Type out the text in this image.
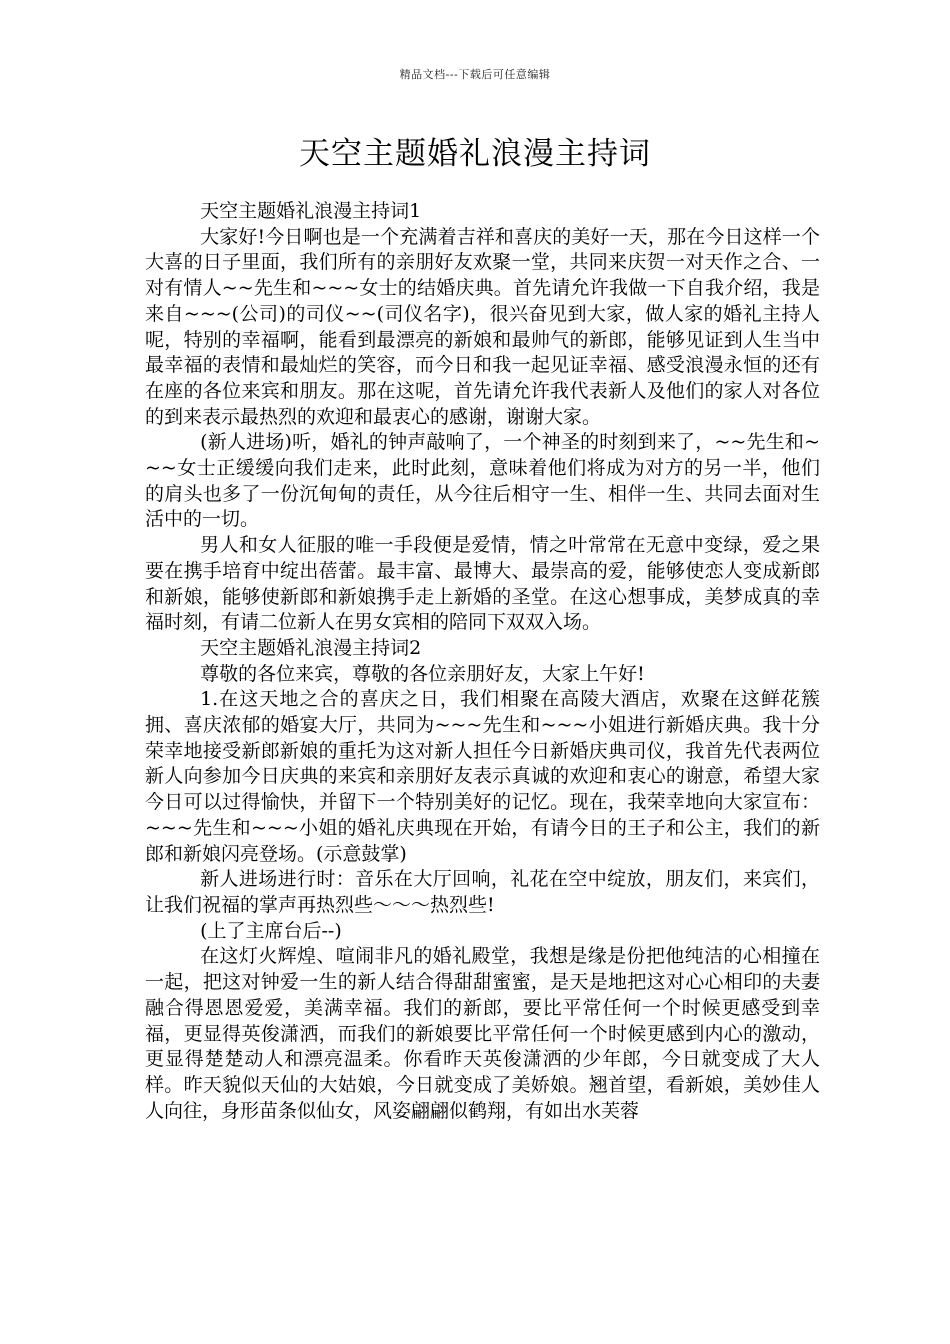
精品文档---下载后可任意编辑
天空主题婚礼浪漫主持词

天空主题婚礼浪漫主持词1

大家好!今日啊也是一个充满着吉祥和喜庆的美好一天，那在今日这样一个大喜的日子里面，我们所有的亲朋好友欢聚一堂，共同来庆贺一对天作之合、一对有情人~~先生和~~~女士的结婚庆典。首先请允许我做一下自我介绍，我是来自~~~(公司)的司仪~~(司仪名字)，很兴奋见到大家，做人家的婚礼主持人呢，特别的幸福啊，能看到最漂亮的新娘和最帅气的新郎，能够见证到人生当中最幸福的表情和最灿烂的笑容，而今日和我一起见证幸福、感受浪漫永恒的还有在座的各位来宾和朋友。那在这呢，首先请允许我代表新人及他们的家人对各位的到来表示最热烈的欢迎和最衷心的感谢，谢谢大家。

(新人进场)听，婚礼的钟声敲响了，一个神圣的时刻到来了，~~先生和~~~女士正缓缓向我们走来，此时此刻，意味着他们将成为对方的另一半，他们的肩头也多了一份沉甸甸的责任，从今往后相守一生、相伴一生、共同去面对生活中的一切。

男人和女人征服的唯一手段便是爱情，情之叶常常在无意中变绿，爱之果要在携手培育中绽出蓓蕾。最丰富、最博大、最崇高的爱，能够使恋人变成新郎和新娘，能够使新郎和新娘携手走上新婚的圣堂。在这心想事成，美梦成真的幸福时刻，有请二位新人在男女宾相的陪同下双双入场。

天空主题婚礼浪漫主持词2

尊敬的各位来宾，尊敬的各位亲朋好友，大家上午好!

1.在这天地之合的喜庆之日，我们相聚在高陵大酒店，欢聚在这鲜花簇拥、喜庆浓郁的婚宴大厅，共同为~~~先生和~~~小姐进行新婚庆典。我十分荣幸地接受新郎新娘的重托为这对新人担任今日新婚庆典司仪，我首先代表两位新人向参加今日庆典的来宾和亲朋好友表示真诚的欢迎和衷心的谢意，希望大家今日可以过得愉快，并留下一个特别美好的记忆。现在，我荣幸地向大家宣布：~~~先生和~~~小姐的婚礼庆典现在开始，有请今日的王子和公主，我们的新郎和新娘闪亮登场。(示意鼓掌)

新人进场进行时：音乐在大厅回响，礼花在空中绽放，朋友们，来宾们，让我们祝福的掌声再热烈些～～～热烈些!

(上了主席台后--)

在这灯火辉煌、喧闹非凡的婚礼殿堂，我想是缘是份把他纯洁的心相撞在一起，把这对钟爱一生的新人结合得甜甜蜜蜜，是天是地把这对心心相印的夫妻融合得恩恩爱爱，美满幸福。我们的新郎，要比平常任何一个时候更感受到幸福，更显得英俊潇洒，而我们的新娘要比平常任何一个时候更感到内心的激动，更显得楚楚动人和漂亮温柔。你看昨天英俊潇洒的少年郎，今日就变成了大人样。昨天貌似天仙的大姑娘，今日就变成了美娇娘。翘首望，看新娘，美妙佳人人向往，身形苗条似仙女，风姿翩翩似鹤翔，有如出水芙蓉
